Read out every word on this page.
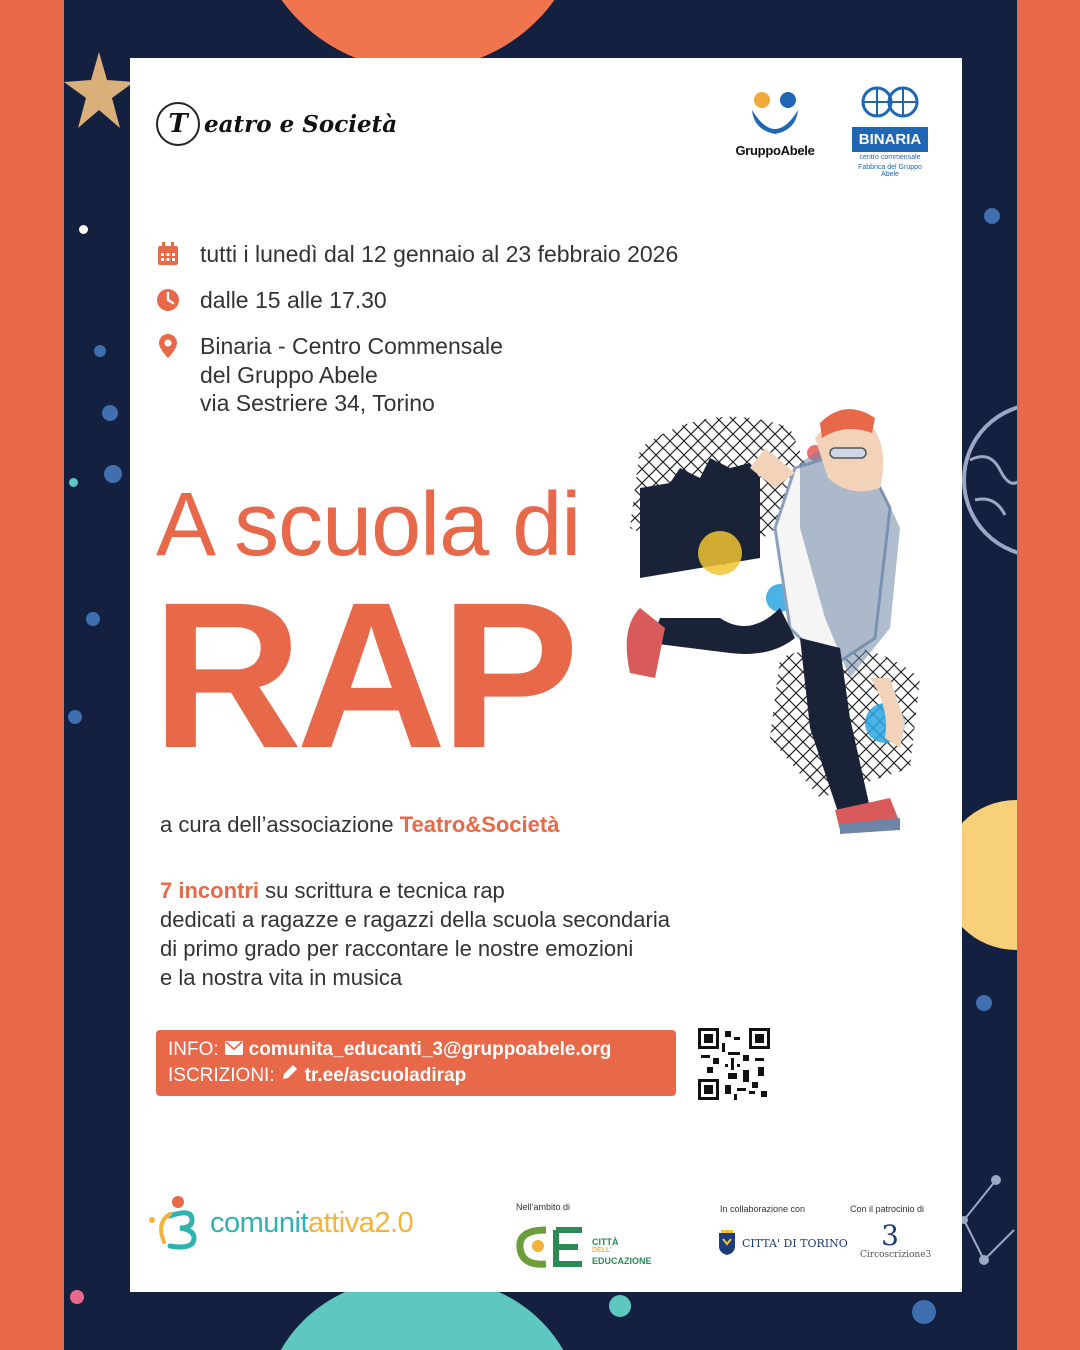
T eatro e Società
GruppoAbele
BINARIA
centro commensale
Fabbrica del Gruppo Abele
tutti i lunedì dal 12 gennaio al 23 febbraio 2026
dalle 15 alle 17.30
Binaria - Centro Commensale
del Gruppo Abele
via Sestriere 34, Torino
A scuola di
RAP
a cura dell’associazione Teatro&Società
7 incontri su scrittura e tecnica rap
dedicati a ragazze e ragazzi della scuola secondaria
di primo grado per raccontare le nostre emozioni
e la nostra vita in musica
INFO: comunita_educanti_3@gruppoabele.org
ISCRIZIONI: tr.ee/ascuoladirap
comunitattiva2.0	Nell’ambito di
CITTÀ
DELL’
EDUCAZIONE
In collaborazione con
CITTA' DI TORINO
Con il patrocinio di
3
Circoscrizione3
